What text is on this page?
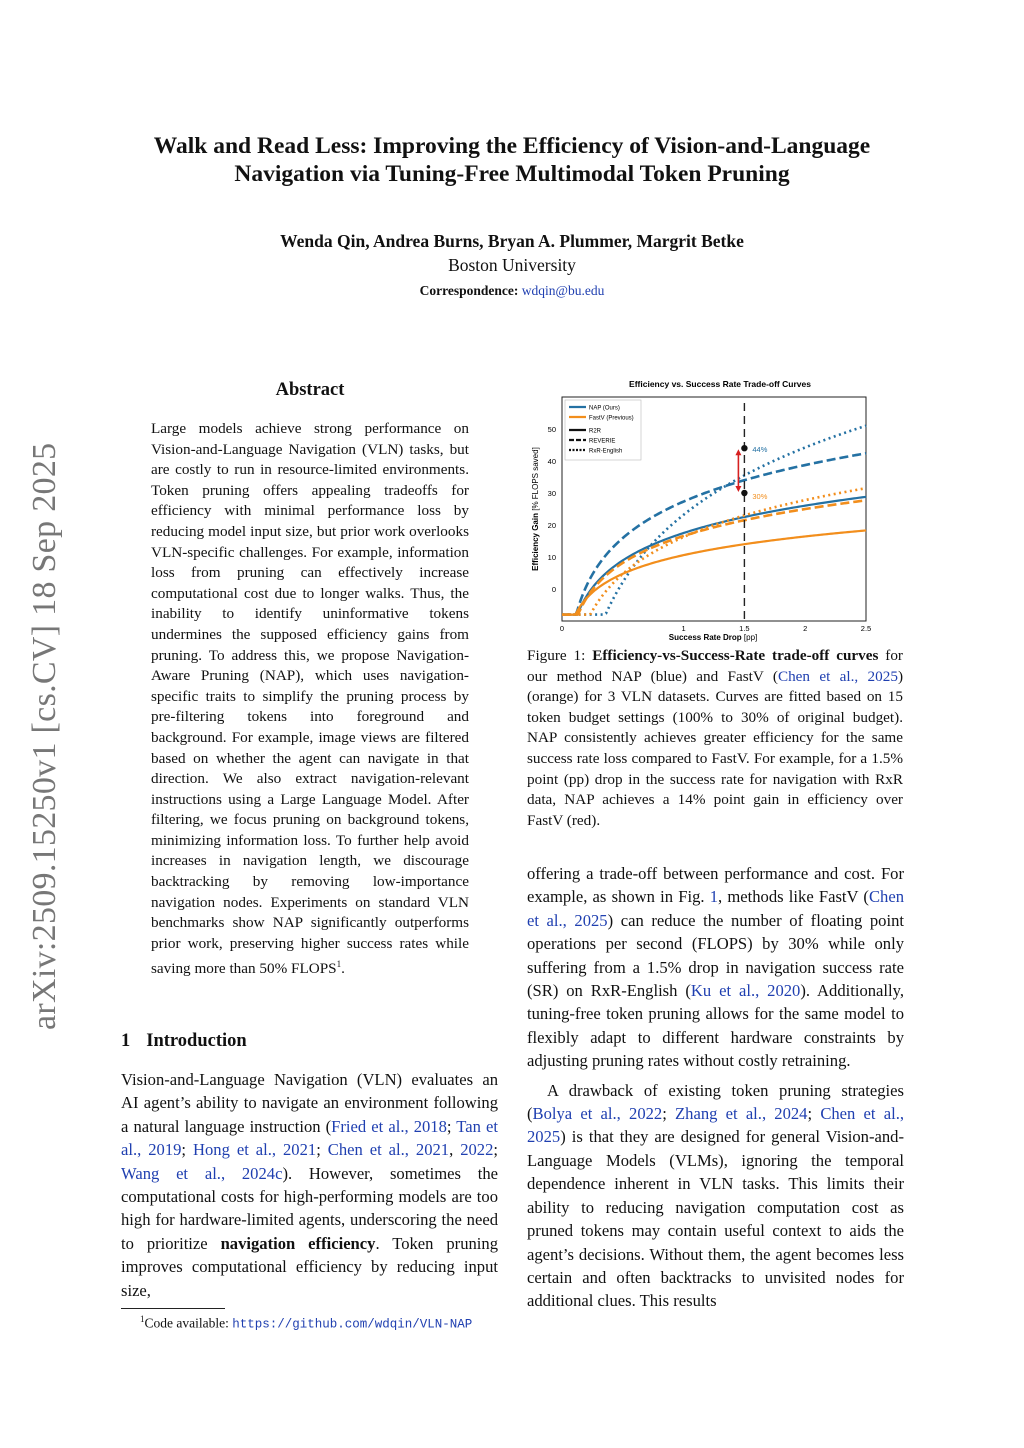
arXiv:2509.15250v1 [cs.CV] 18 Sep 2025
Walk and Read Less: Improving the Efficiency of Vision-and-Language Navigation via Tuning-Free Multimodal Token Pruning
Wenda Qin, Andrea Burns, Bryan A. Plummer, Margrit Betke
Boston University
Correspondence: wdqin@bu.edu
Abstract
Large models achieve strong performance on Vision-and-Language Navigation (VLN) tasks, but are costly to run in resource-limited environments. Token pruning offers appealing tradeoffs for efficiency with minimal performance loss by reducing model input size, but prior work overlooks VLN-specific challenges. For example, information loss from pruning can effectively increase computational cost due to longer walks. Thus, the inability to identify uninformative tokens undermines the supposed efficiency gains from pruning. To address this, we propose Navigation-Aware Pruning (NAP), which uses navigation-specific traits to simplify the pruning process by pre-filtering tokens into foreground and background. For example, image views are filtered based on whether the agent can navigate in that direction. We also extract navigation-relevant instructions using a Large Language Model. After filtering, we focus pruning on background tokens, minimizing information loss. To further help avoid increases in navigation length, we discourage backtracking by removing low-importance navigation nodes. Experiments on standard VLN benchmarks show NAP significantly outperforms prior work, preserving higher success rates while saving more than 50% FLOPS$^1$.
1 Introduction
Vision-and-Language Navigation (VLN) evaluates an AI agent’s ability to navigate an environment following a natural language instruction (Fried et al., 2018; Tan et al., 2019; Hong et al., 2021; Chen et al., 2021, 2022; Wang et al., 2024c). However, sometimes the computational costs for high-performing models are too high for hardware-limited agents, underscoring the need to prioritize navigation efficiency. Token pruning improves computational efficiency by reducing input size,
$^1$Code available: https://github.com/wdqin/VLN-NAP
Efficiency vs. Success Rate Trade-off Curves
0
10
20
30
40
50
0	1	1.5	2	2.5
44%
30%
NAP (Ours)
FastV (Previous)
R2R
REVERIE
RxR-English
Success Rate Drop [pp]
Efficiency Gain [% FLOPS saved]
Figure 1: Efficiency-vs-Success-Rate trade-off curves for our method NAP (blue) and FastV (Chen et al., 2025) (orange) for 3 VLN datasets. Curves are fitted based on 15 token budget settings (100% to 30% of original budget). NAP consistently achieves greater efficiency for the same success rate loss compared to FastV. For example, for a 1.5% point (pp) drop in the success rate for navigation with RxR data, NAP achieves a 14% point gain in efficiency over FastV (red).

offering a trade-off between performance and cost. For example, as shown in Fig. 1, methods like FastV (Chen et al., 2025) can reduce the number of floating point operations per second (FLOPS) by 30% while only suffering from a 1.5% drop in navigation success rate (SR) on RxR-English (Ku et al., 2020). Additionally, tuning-free token pruning allows for the same model to flexibly adapt to different hardware constraints by adjusting pruning rates without costly retraining.

A drawback of existing token pruning strategies (Bolya et al., 2022; Zhang et al., 2024; Chen et al., 2025) is that they are designed for general Vision-and-Language Models (VLMs), ignoring the temporal dependence inherent in VLN tasks. This limits their ability to reducing navigation computation cost as pruned tokens may contain useful context to aids the agent’s decisions. Without them, the agent becomes less certain and often backtracks to unvisited nodes for additional clues. This results
